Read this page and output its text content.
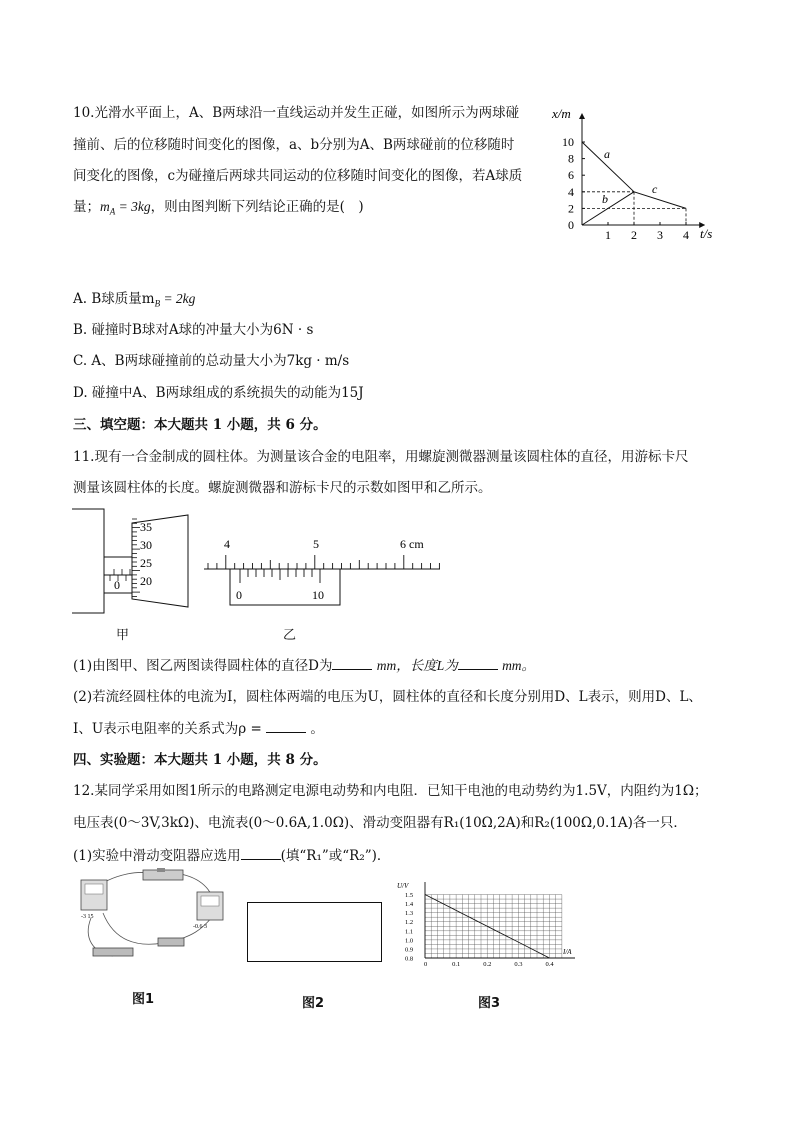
10.光滑水平面上，A、B两球沿一直线运动并发生正碰，如图所示为两球碰
撞前、后的位移随时间变化的图像，a、b分别为A、B两球碰前的位移随时
间变化的图像，c为碰撞后两球共同运动的位移随时间变化的图像，若A球质
量；$m_A = 3kg$，则由图判断下列结论正确的是(　)
x/m
t/s
a
b
c
10
8
6
4
2
0
1 2 3 4
A. B球质量$m_B = 2kg$
B. 碰撞时B球对A球的冲量大小为6N · s
C. A、B两球碰撞前的总动量大小为7kg · m/s
D. 碰撞中A、B两球组成的系统损失的动能为15J
三、填空题：本大题共 1 小题，共 6 分。
11.现有一合金制成的圆柱体。为测量该合金的电阻率，用螺旋测微器测量该圆柱体的直径，用游标卡尺
测量该圆柱体的长度。螺旋测微器和游标卡尺的示数如图甲和乙所示。
35
30
25
20
0
甲
4	5	6 cm
0	10
乙
(1)由图甲、图乙两图读得圆柱体的直径D为	mm，长度L为	mm。
(2)若流经圆柱体的电流为I，圆柱体两端的电压为U，圆柱体的直径和长度分别用D、L表示，则用D、L、
I、U表示电阻率的关系式为ρ =	。
四、实验题：本大题共 1 小题，共 8 分。
12.某同学采用如图1所示的电路测定电源电动势和内电阻．已知干电池的电动势约为1.5V，内阻约为1Ω；
电压表(0～3V,3kΩ)、电流表(0～0.6A,1.0Ω)、滑动变阻器有R₁(10Ω,2A)和R₂(100Ω,0.1A)各一只．
(1)实验中滑动变阻器应选用	(填“R₁”或“R₂”)．
-3 15
-0.6 3
图1	图2
U/V
I/A
1.5
1.4
1.3
1.2
1.1
1.0
0.9
0.8
0	0.1	0.2	0.3	0.4
图3
